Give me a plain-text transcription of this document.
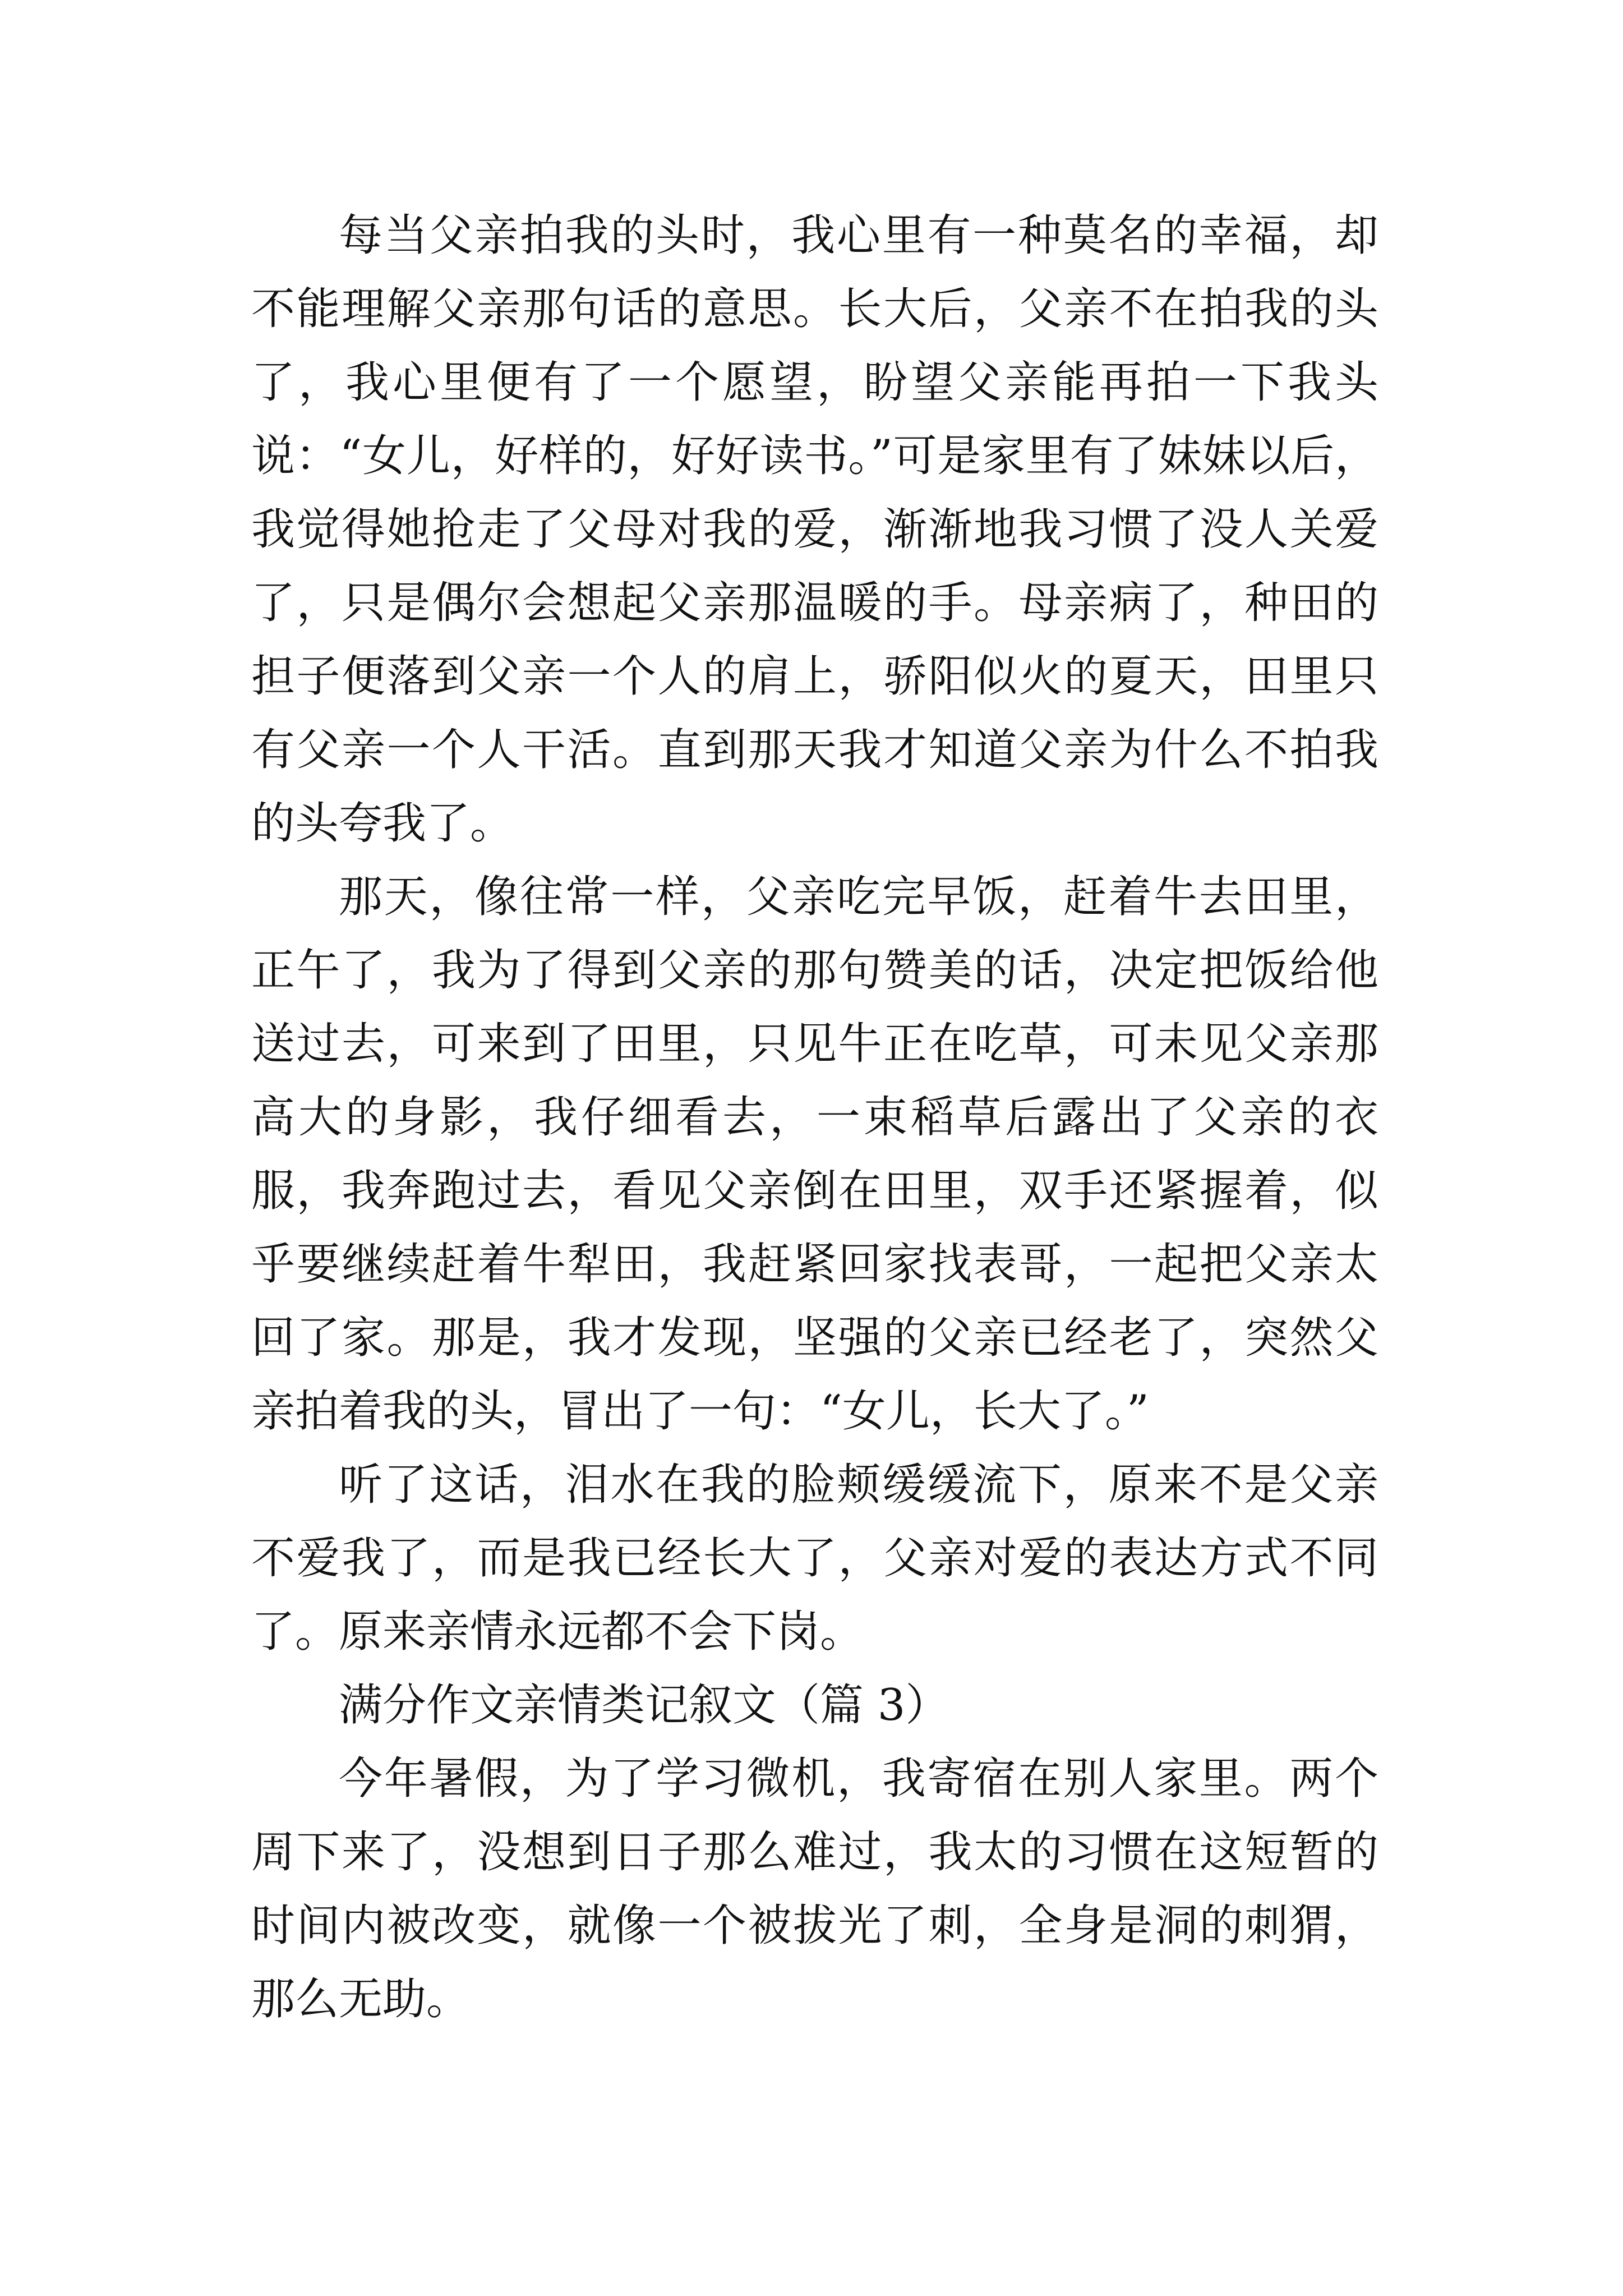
每当父亲拍我的头时，我心里有一种莫名的幸福，却不能理解父亲那句话的意思。长大后，父亲不在拍我的头了，我心里便有了一个愿望，盼望父亲能再拍一下我头说：“女儿，好样的，好好读书。”可是家里有了妹妹以后，我觉得她抢走了父母对我的爱，渐渐地我习惯了没人关爱了，只是偶尔会想起父亲那温暖的手。母亲病了，种田的担子便落到父亲一个人的肩上，骄阳似火的夏天，田里只有父亲一个人干活。直到那天我才知道父亲为什么不拍我的头夸我了。

那天，像往常一样，父亲吃完早饭，赶着牛去田里，正午了，我为了得到父亲的那句赞美的话，决定把饭给他送过去，可来到了田里，只见牛正在吃草，可未见父亲那高大的身影，我仔细看去，一束稻草后露出了父亲的衣服，我奔跑过去，看见父亲倒在田里，双手还紧握着，似乎要继续赶着牛犁田，我赶紧回家找表哥，一起把父亲太回了家。那是，我才发现，坚强的父亲已经老了，突然父亲拍着我的头，冒出了一句：“女儿，长大了。”

听了这话，泪水在我的脸颊缓缓流下，原来不是父亲不爱我了，而是我已经长大了，父亲对爱的表达方式不同了。原来亲情永远都不会下岗。

满分作文亲情类记叙文（篇 3）

今年暑假，为了学习微机，我寄宿在别人家里。两个周下来了，没想到日子那么难过，我太的习惯在这短暂的时间内被改变，就像一个被拔光了刺，全身是洞的刺猬，那么无助。
